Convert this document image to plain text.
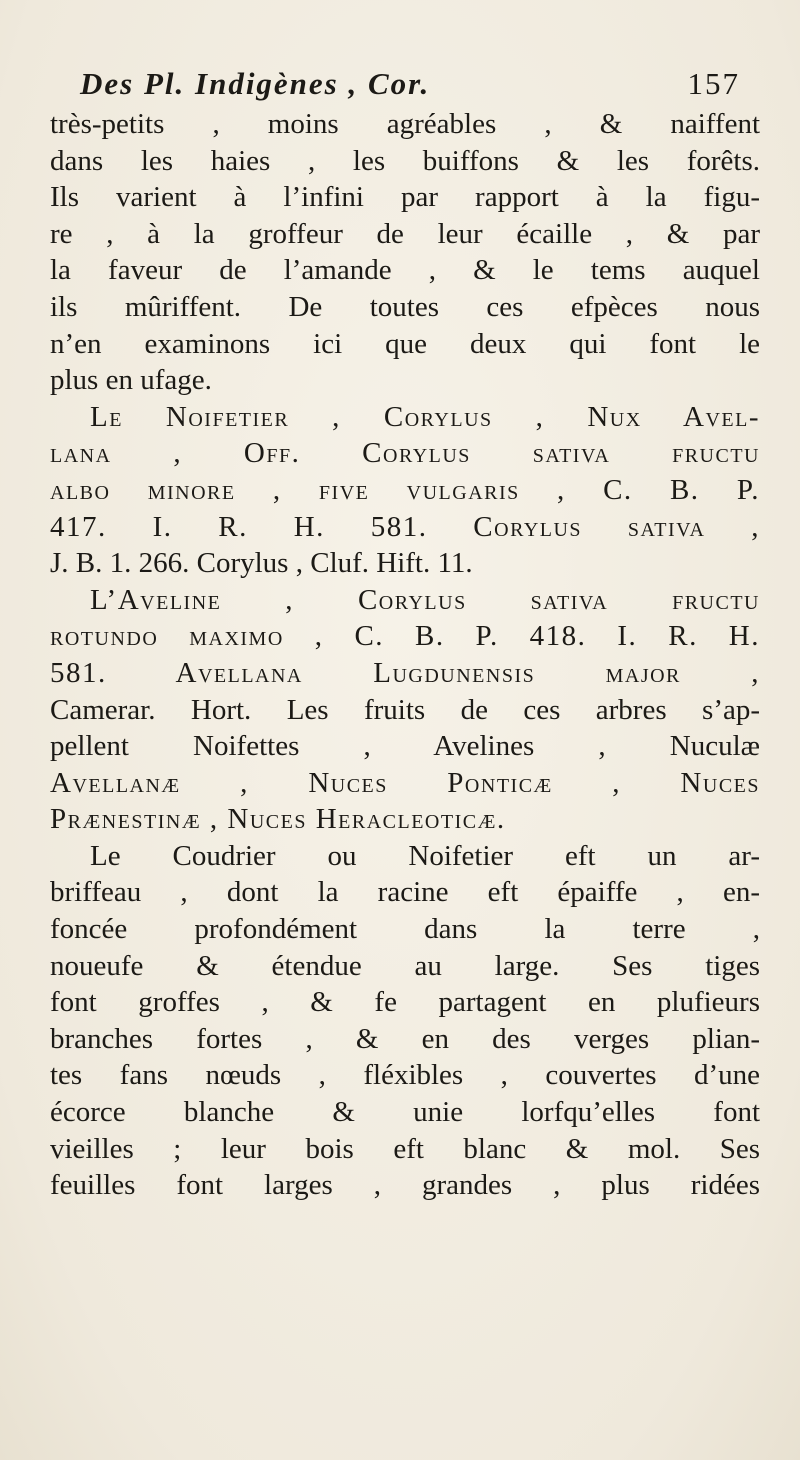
Des Pl. Indigènes , Cor.	157

très-petits , moins agréables , & naiffent

dans les haies , les buiffons & les forêts.

Ils varient à l’infini par rapport à la figu-

re , à la groffeur de leur écaille , & par

la faveur de l’amande , & le tems auquel

ils mûriffent. De toutes ces efpèces nous

n’en examinons ici que deux qui font le

plus en ufage.

Le Noifetier , Corylus , Nux Avel-

lana , Off. Corylus sativa fructu

albo minore , five vulgaris , C. B. P.

417. I. R. H. 581. Corylus sativa ,

J. B. 1. 266. Corylus , Cluf. Hift. 11.

L’Aveline , Corylus sativa fructu

rotundo maximo , C. B. P. 418. I. R. H.

581. Avellana Lugdunensis major ,

Camerar. Hort. Les fruits de ces arbres s’ap-

pellent Noifettes , Avelines , Nuculæ

Avellanæ , Nuces Ponticæ , Nuces

Prænestinæ , Nuces Heracleoticæ.

Le Coudrier ou Noifetier eft un ar-

briffeau , dont la racine eft épaiffe , en-

foncée profondément dans la terre ,

noueufe & étendue au large. Ses tiges

font groffes , & fe partagent en plufieurs

branches fortes , & en des verges plian-

tes fans nœuds , fléxibles , couvertes d’une

écorce blanche & unie lorfqu’elles font

vieilles ; leur bois eft blanc & mol. Ses

feuilles font larges , grandes , plus ridées
